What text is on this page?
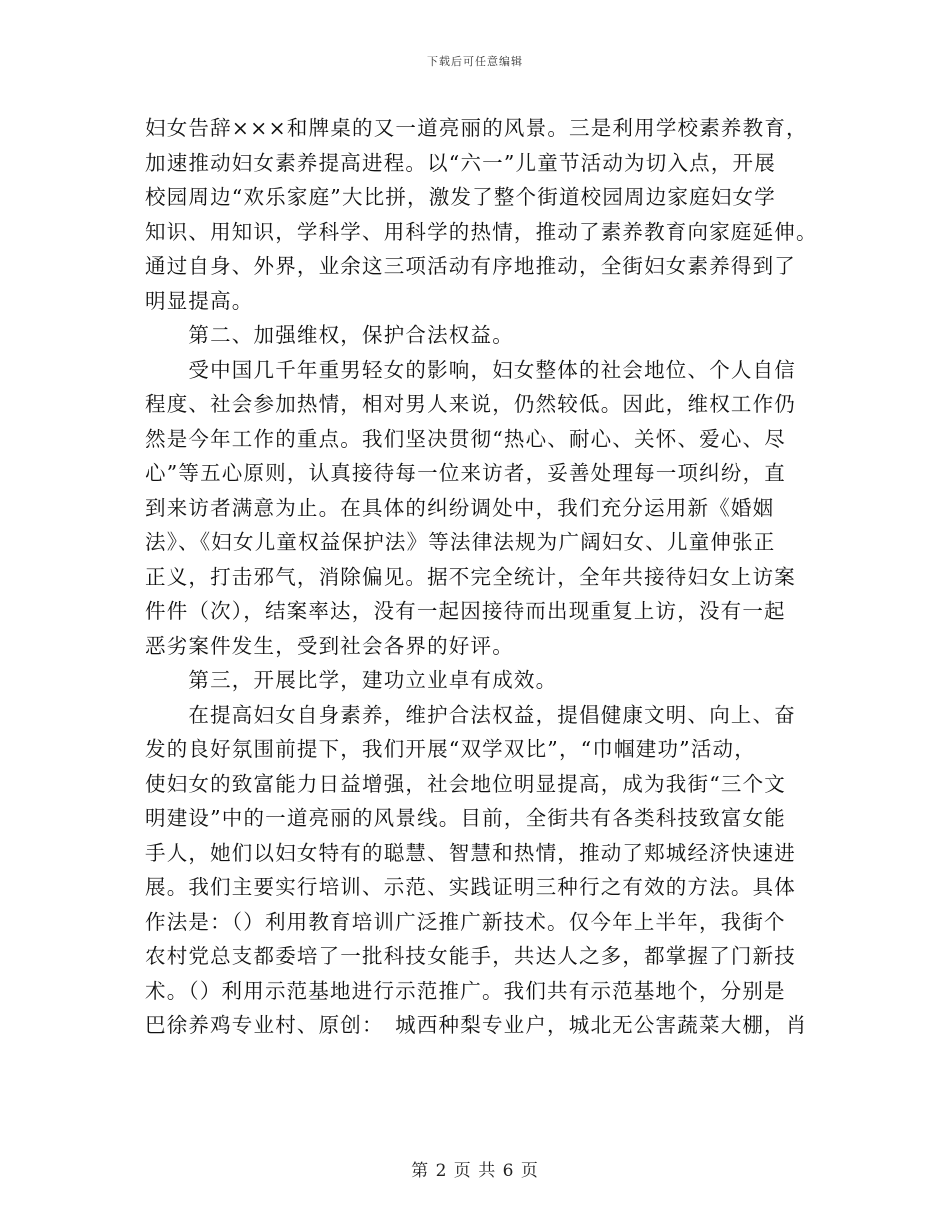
下载后可任意编辑
妇女告辞×××和牌桌的又一道亮丽的风景。三是利用学校素养教育，
加速推动妇女素养提高进程。以“六一”儿童节活动为切入点，开展
校园周边“欢乐家庭”大比拼，激发了整个街道校园周边家庭妇女学
知识、用知识，学科学、用科学的热情，推动了素养教育向家庭延伸。
通过自身、外界，业余这三项活动有序地推动，全街妇女素养得到了
明显提高。
　　第二、加强维权，保护合法权益。
　　受中国几千年重男轻女的影响，妇女整体的社会地位、个人自信
程度、社会参加热情，相对男人来说，仍然较低。因此，维权工作仍
然是今年工作的重点。我们坚决贯彻“热心、耐心、关怀、爱心、尽
心”等五心原则，认真接待每一位来访者，妥善处理每一项纠纷，直
到来访者满意为止。在具体的纠纷调处中，我们充分运用新《婚姻
法》、《妇女儿童权益保护法》等法律法规为广阔妇女、儿童伸张正
正义，打击邪气，消除偏见。据不完全统计，全年共接待妇女上访案
件件（次），结案率达，没有一起因接待而出现重复上访，没有一起
恶劣案件发生，受到社会各界的好评。
　　第三，开展比学，建功立业卓有成效。
　　在提高妇女自身素养，维护合法权益，提倡健康文明、向上、奋
发的良好氛围前提下，我们开展“双学双比”，“巾帼建功”活动，
使妇女的致富能力日益增强，社会地位明显提高，成为我街“三个文
明建设”中的一道亮丽的风景线。目前，全街共有各类科技致富女能
手人，她们以妇女特有的聪慧、智慧和热情，推动了郏城经济快速进
展。我们主要实行培训、示范、实践证明三种行之有效的方法。具体
作法是：（）利用教育培训广泛推广新技术。仅今年上半年，我街个
农村党总支都委培了一批科技女能手，共达人之多，都掌握了门新技
术。（）利用示范基地进行示范推广。我们共有示范基地个，分别是
巴徐养鸡专业村、原创：　城西种梨专业户，城北无公害蔬菜大棚，肖
第 2 页 共 6 页
